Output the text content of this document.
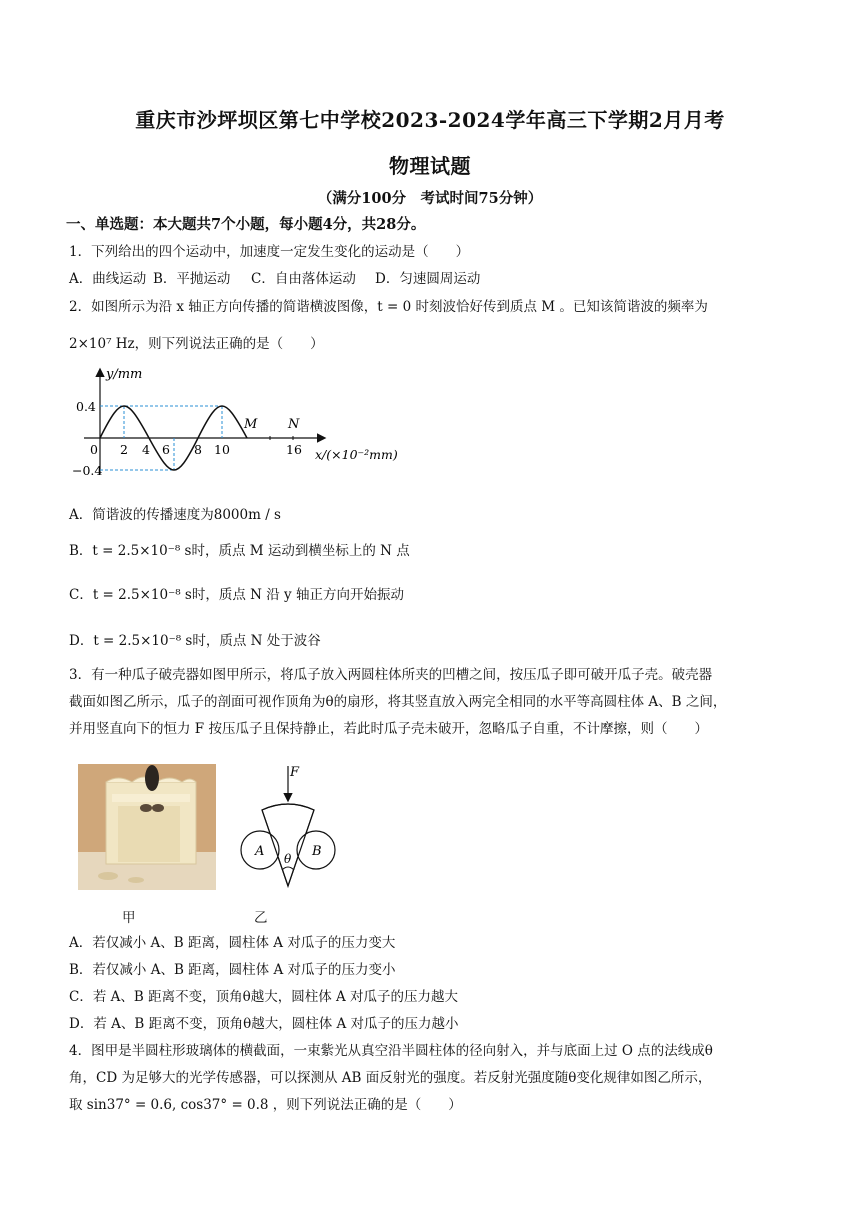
重庆市沙坪坝区第七中学校2023-2024学年高三下学期2月月考
物理试题
（满分100分　考试时间75分钟）
一、单选题：本大题共7个小题，每小题4分，共28分。
1．下列给出的四个运动中，加速度一定发生变化的运动是（　　）
A．曲线运动 B．平抛运动 C．自由落体运动 D．匀速圆周运动
2．如图所示为沿 x 轴正方向传播的简谐横波图像，t = 0 时刻波恰好传到质点 M 。已知该简谐波的频率为
2×10⁷ Hz，则下列说法正确的是（　　）
y/mm
0.4
−0.4
0 2 4 6 8 10	16
M N
x/(×10⁻²mm)
A．简谐波的传播速度为8000m / s
B．t = 2.5×10⁻⁸ s时，质点 M 运动到横坐标上的 N 点
C．t = 2.5×10⁻⁸ s时，质点 N 沿 y 轴正方向开始振动
D．t = 2.5×10⁻⁸ s时，质点 N 处于波谷
3．有一种瓜子破壳器如图甲所示，将瓜子放入两圆柱体所夹的凹槽之间，按压瓜子即可破开瓜子壳。破壳器
截面如图乙所示，瓜子的剖面可视作顶角为θ的扇形，将其竖直放入两完全相同的水平等高圆柱体 A、B 之间，
并用竖直向下的恒力 F 按压瓜子且保持静止，若此时瓜子壳未破开，忽略瓜子自重，不计摩擦，则（　　）
F
A	B
θ
甲	乙
A．若仅减小 A、B 距离，圆柱体 A 对瓜子的压力变大
B．若仅减小 A、B 距离，圆柱体 A 对瓜子的压力变小
C．若 A、B 距离不变，顶角θ越大，圆柱体 A 对瓜子的压力越大
D．若 A、B 距离不变，顶角θ越大，圆柱体 A 对瓜子的压力越小
4．图甲是半圆柱形玻璃体的横截面，一束紫光从真空沿半圆柱体的径向射入，并与底面上过 O 点的法线成θ
角，CD 为足够大的光学传感器，可以探测从 AB 面反射光的强度。若反射光强度随θ变化规律如图乙所示，
取 sin37° = 0.6, cos37° = 0.8 ，则下列说法正确的是（　　）
